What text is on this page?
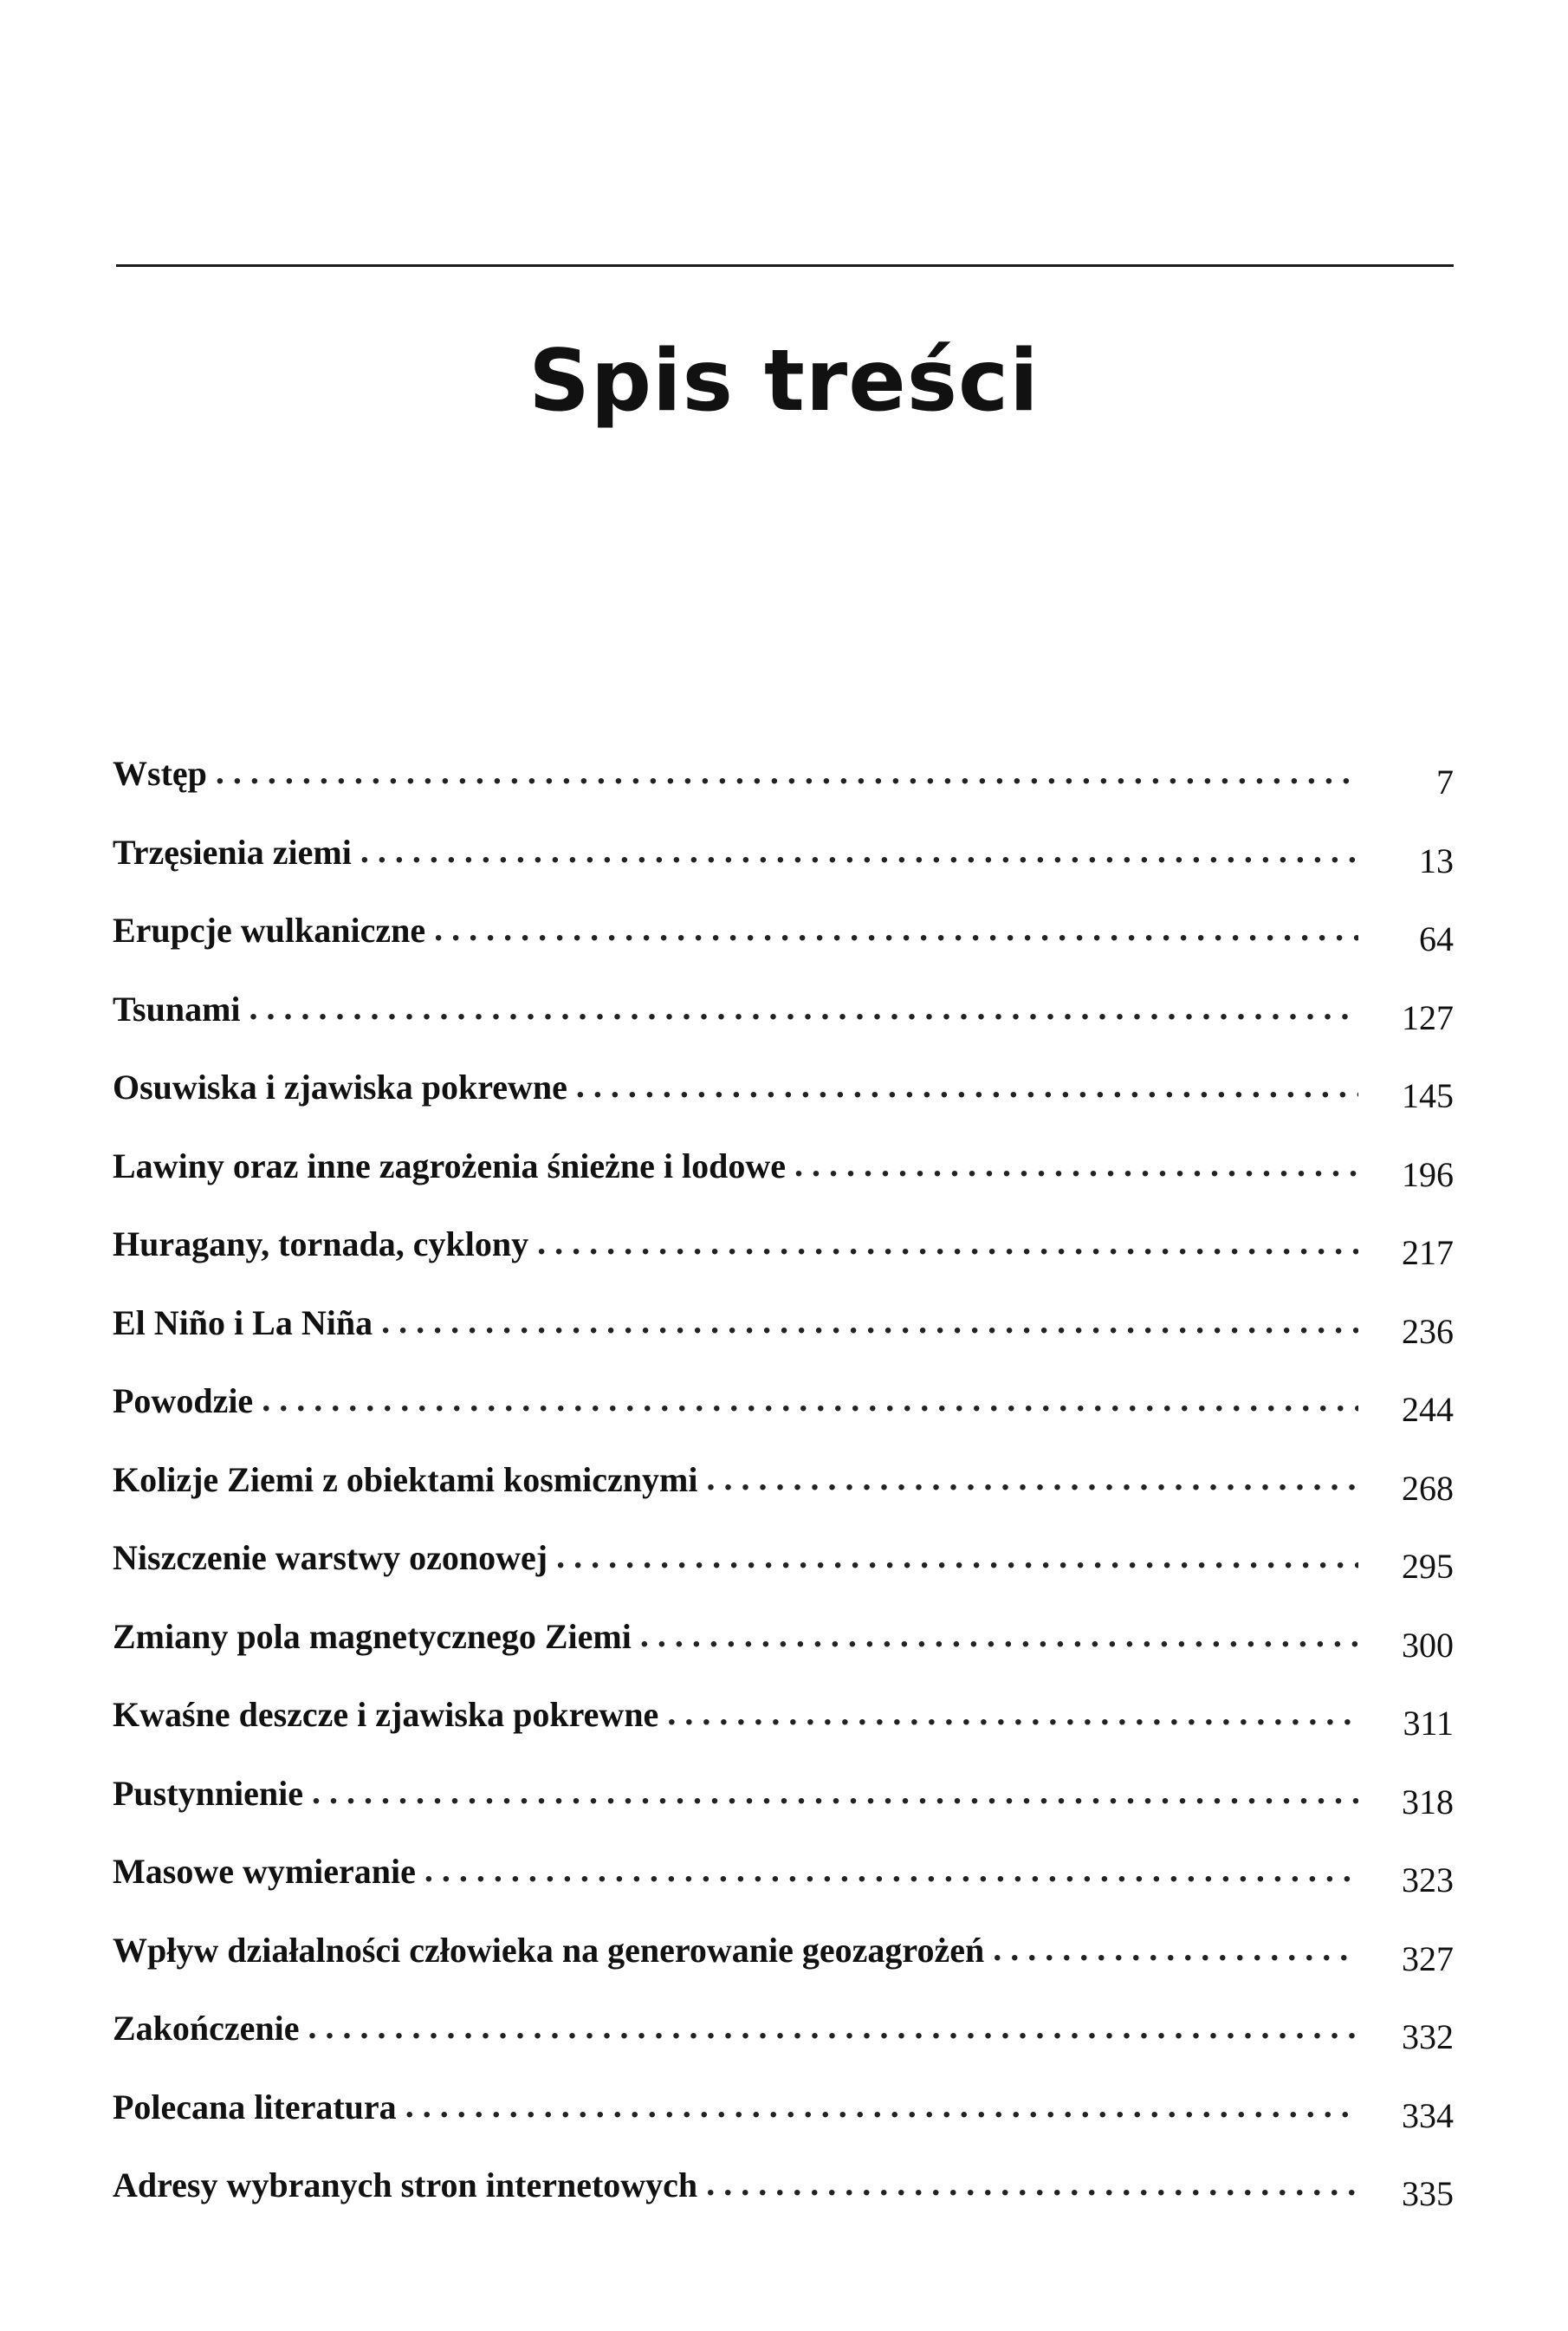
Spis treści
Wstęp . . .	7
Trzęsienia ziemi . . .	13
Erupcje wulkaniczne . . .	64
Tsunami . . .	127
Osuwiska i zjawiska pokrewne . . .	145
Lawiny oraz inne zagrożenia śnieżne i lodowe . . .	196
Huragany, tornada, cyklony . . .	217
El Niño i La Niña . . .	236
Powodzie . . .	244
Kolizje Ziemi z obiektami kosmicznymi . . .	268
Niszczenie warstwy ozonowej . . .	295
Zmiany pola magnetycznego Ziemi . . .	300
Kwaśne deszcze i zjawiska pokrewne . . .	311
Pustynnienie . . .	318
Masowe wymieranie . . .	323
Wpływ działalności człowieka na generowanie geozagrożeń . . .	327
Zakończenie . . .	332
Polecana literatura . . .	334
Adresy wybranych stron internetowych . . .	335
